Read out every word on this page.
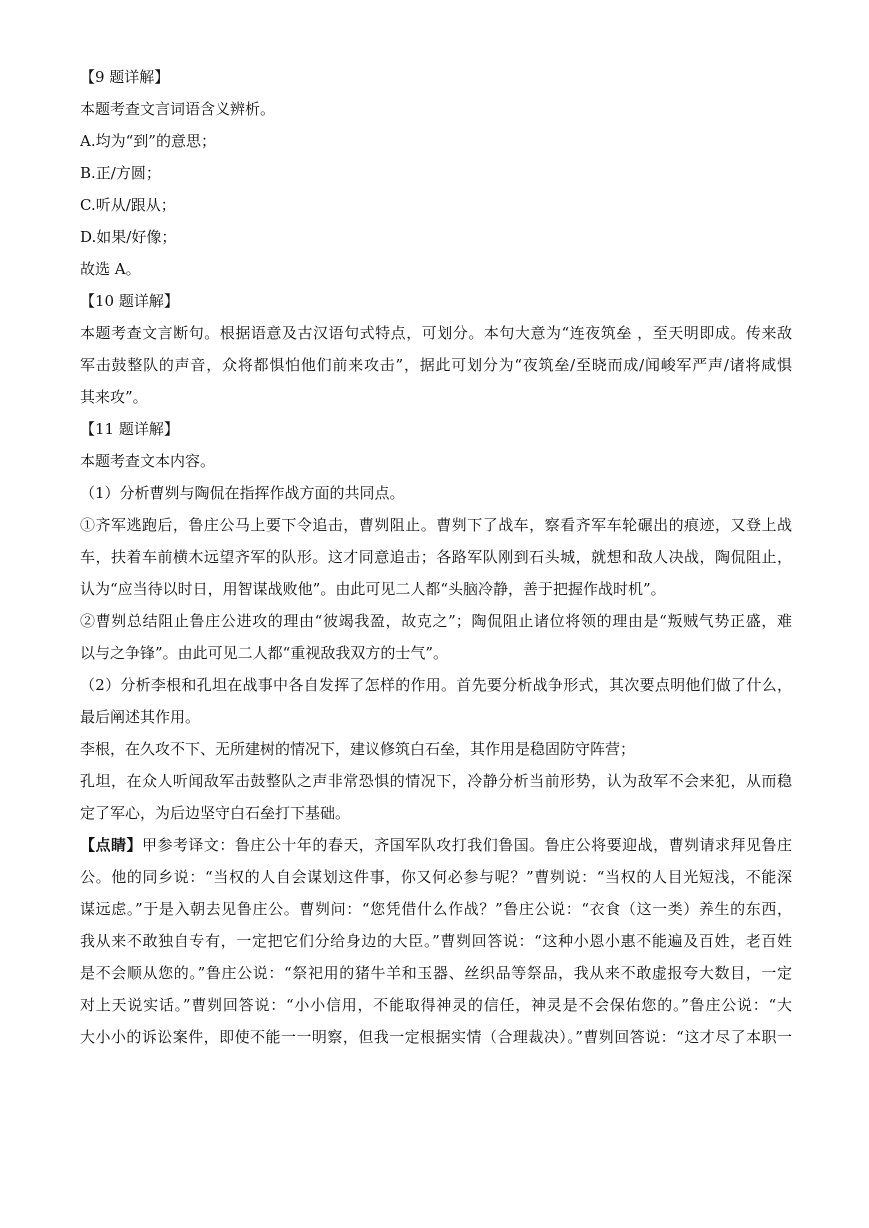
【9 题详解】
本题考查文言词语含义辨析。
A.均为“到”的意思；
B.正/方圆；
C.听从/跟从；
D.如果/好像；
故选 A。
【10 题详解】
本题考查文言断句。根据语意及古汉语句式特点，可划分。本句大意为“连夜筑垒 ，至天明即成。传来敌
军击鼓整队的声音，众将都惧怕他们前来攻击”，据此可划分为“夜筑垒/至晓而成/闻峻军严声/诸将咸惧
其来攻”。
【11 题详解】
本题考查文本内容。
（1）分析曹刿与陶侃在指挥作战方面的共同点。
①齐军逃跑后，鲁庄公马上要下令追击，曹刿阻止。曹刿下了战车，察看齐军车轮碾出的痕迹，又登上战
车，扶着车前横木远望齐军的队形。这才同意追击；各路军队刚到石头城，就想和敌人决战，陶侃阻止，
认为“应当待以时日，用智谋战败他”。由此可见二人都“头脑冷静，善于把握作战时机”。
②曹刿总结阻止鲁庄公进攻的理由“彼竭我盈，故克之”；陶侃阻止诸位将领的理由是“叛贼气势正盛，难
以与之争锋”。由此可见二人都“重视敌我双方的士气”。
（2）分析李根和孔坦在战事中各自发挥了怎样的作用。首先要分析战争形式，其次要点明他们做了什么，
最后阐述其作用。
李根，在久攻不下、无所建树的情况下，建议修筑白石垒，其作用是稳固防守阵营；
孔坦，在众人听闻敌军击鼓整队之声非常恐惧的情况下，冷静分析当前形势，认为敌军不会来犯，从而稳
定了军心，为后边坚守白石垒打下基础。
【点睛】甲参考译文：鲁庄公十年的春天，齐国军队攻打我们鲁国。鲁庄公将要迎战，曹刿请求拜见鲁庄
公。他的同乡说：“当权的人自会谋划这件事，你又何必参与呢？”曹刿说：“当权的人目光短浅，不能深
谋远虑。”于是入朝去见鲁庄公。曹刿问：“您凭借什么作战？”鲁庄公说：“衣食（这一类）养生的东西，
我从来不敢独自专有，一定把它们分给身边的大臣。”曹刿回答说：“这种小恩小惠不能遍及百姓，老百姓
是不会顺从您的。”鲁庄公说：“祭祀用的猪牛羊和玉器、丝织品等祭品，我从来不敢虚报夸大数目，一定
对上天说实话。”曹刿回答说：“小小信用，不能取得神灵的信任，神灵是不会保佑您的。”鲁庄公说：“大
大小小的诉讼案件，即使不能一一明察，但我一定根据实情（合理裁决）。”曹刿回答说：“这才尽了本职一
